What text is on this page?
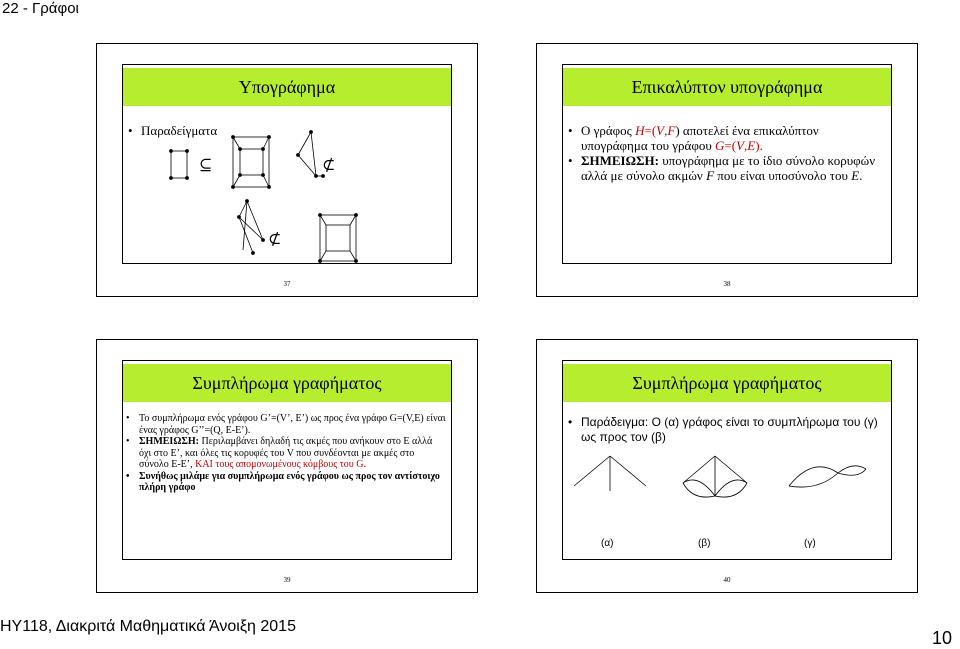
22 - Γράφοι
Υπογράφημα
• Παραδείγματα
⊆	⊄
⊄
37
Επικαλύπτον υπογράφημα
• Ο γράφος H=(V,F) αποτελεί ένα επικαλύπτον υπογράφημα του γράφου G=(V,E).
• ΣΗΜΕΙΩΣΗ: υπογράφημα με το ίδιο σύνολο κορυφών αλλά με σύνολο ακμών F που είναι υποσύνολο του E.
38
Συμπλήρωμα γραφήματος
• Το συμπλήρωμα ενός γράφου G’=(V’, E’) ως προς ένα γράφο G=(V,E) είναι ένας γράφος G’’=(Q, E-E’).
• ΣΗΜΕΙΩΣΗ: Περιλαμβάνει δηλαδή τις ακμές που ανήκουν στο Ε αλλά όχι στο Ε’, και όλες τις κορυφές του V που συνδέονται με ακμές στο σύνολο Ε-Ε’, ΚΑΙ τους απομονωμένους κόμβους του G.
• Συνήθως μιλάμε για συμπλήρωμα ενός γράφου ως προς τον αντίστοιχο πλήρη γράφο
39
Συμπλήρωμα γραφήματος
• Παράδειγμα: Ο (α) γράφος είναι το συμπλήρωμα του (γ) ως προς τον (β)
(α)	(β)	(γ)
40
ΗΥ118, Διακριτά Μαθηματικά Άνοιξη 2015
10
